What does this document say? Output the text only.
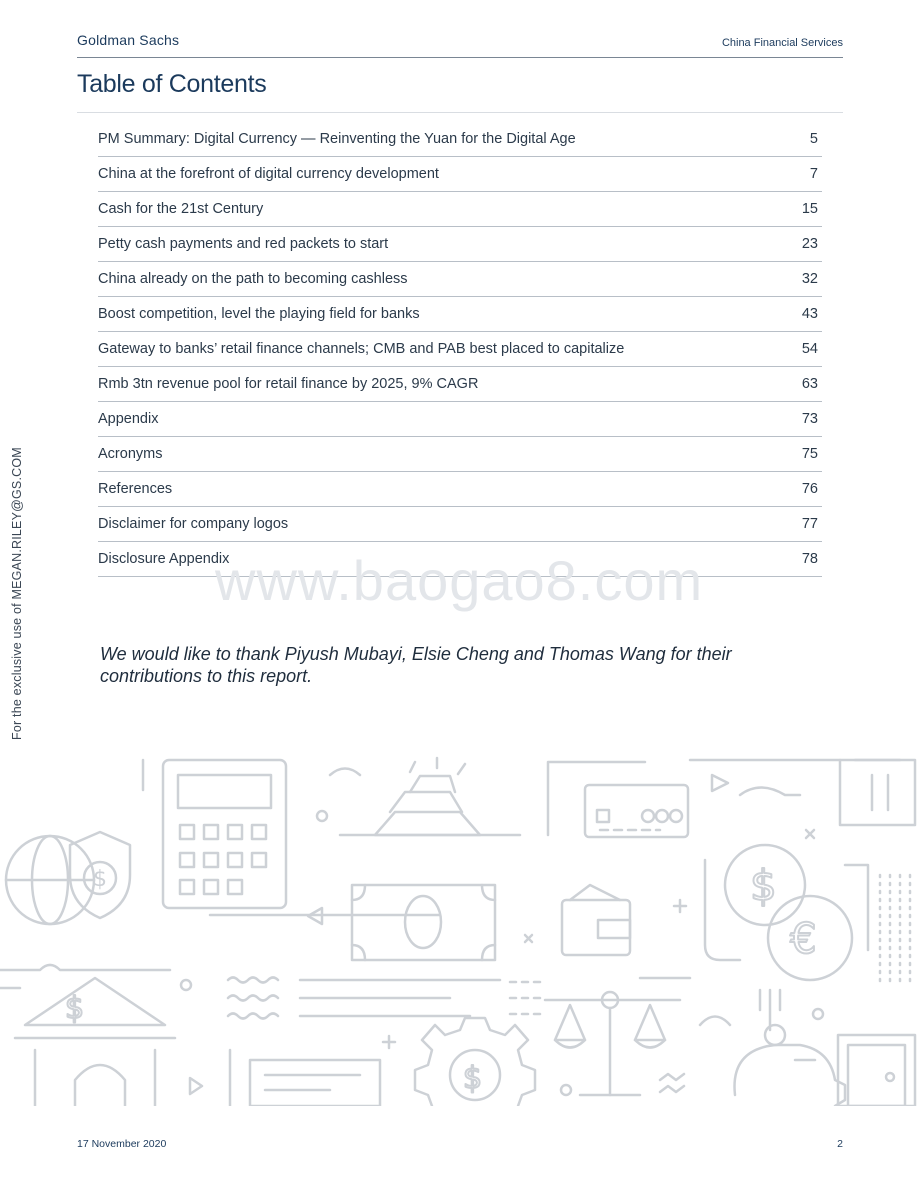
Goldman Sachs	China Financial Services
Table of Contents
PM Summary: Digital Currency — Reinventing the Yuan for the Digital Age	5
China at the forefront of digital currency development	7
Cash for the 21st Century	15
Petty cash payments and red packets to start	23
China already on the path to becoming cashless	32
Boost competition, level the playing field for banks	43
Gateway to banks’ retail finance channels; CMB and PAB best placed to capitalize	54
Rmb 3tn revenue pool for retail finance by 2025, 9% CAGR	63
Appendix	73
Acronyms	75
References	76
Disclaimer for company logos	77
Disclosure Appendix	78
www.baogao8.com
We would like to thank Piyush Mubayi, Elsie Cheng and Thomas Wang for their contributions to this report.
For the exclusive use of MEGAN.RILEY@GS.COM
$	$
€
$
$
17 November 2020	2
